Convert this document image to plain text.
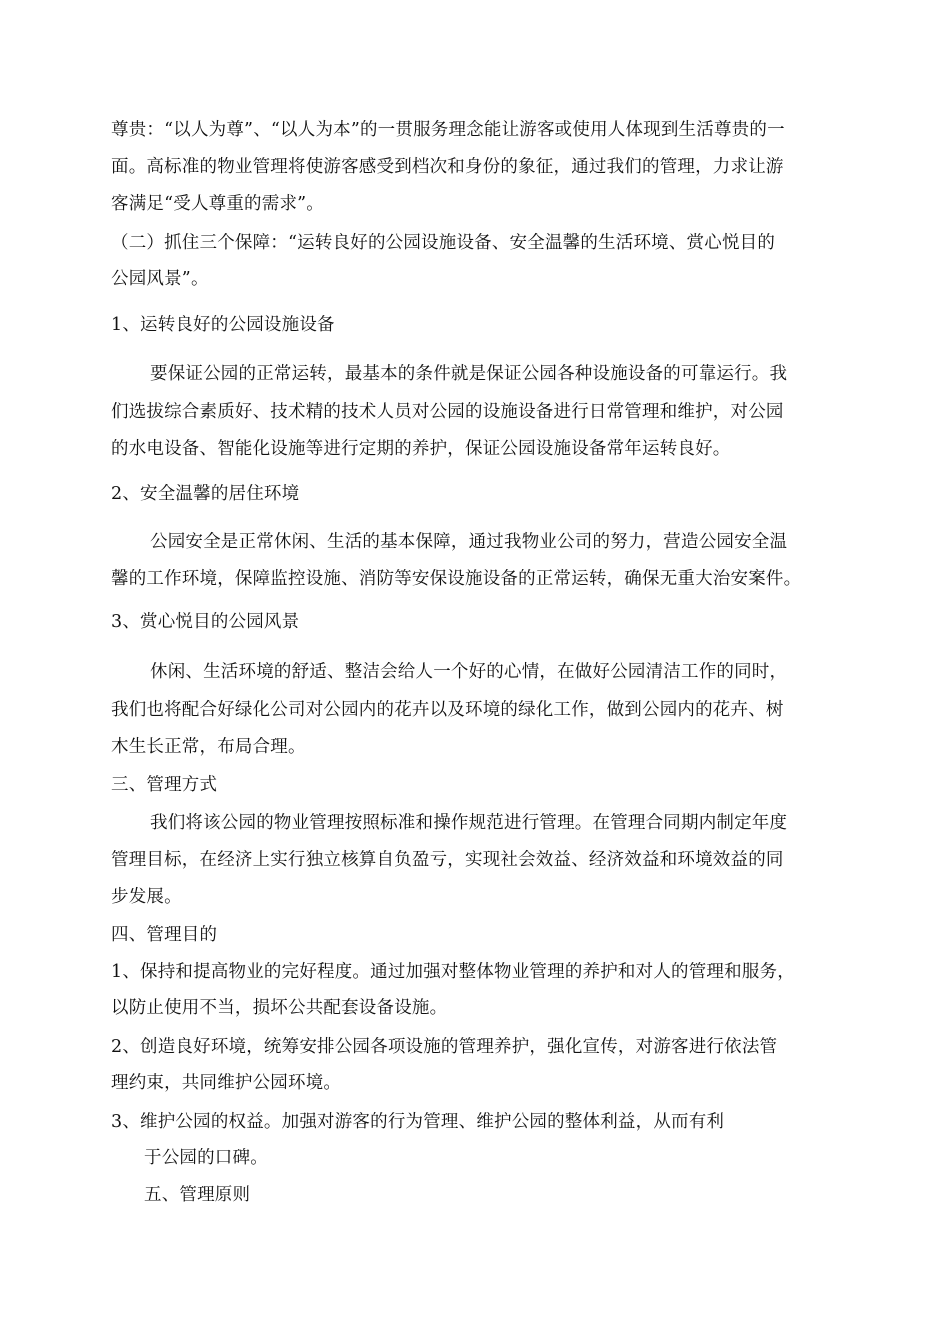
尊贵：“以人为尊”、“以人为本”的一贯服务理念能让游客或使用人体现到生活尊贵的一
面。高标准的物业管理将使游客感受到档次和身份的象征，通过我们的管理，力求让游
客满足“受人尊重的需求”。
（二）抓住三个保障：“运转良好的公园设施设备、安全温馨的生活环境、赏心悦目的
公园风景”。
1、运转良好的公园设施设备
要保证公园的正常运转，最基本的条件就是保证公园各种设施设备的可靠运行。我
们选拔综合素质好、技术精的技术人员对公园的设施设备进行日常管理和维护，对公园
的水电设备、智能化设施等进行定期的养护，保证公园设施设备常年运转良好。
2、安全温馨的居住环境
公园安全是正常休闲、生活的基本保障，通过我物业公司的努力，营造公园安全温
馨的工作环境，保障监控设施、消防等安保设施设备的正常运转，确保无重大治安案件。
3、赏心悦目的公园风景
休闲、生活环境的舒适、整洁会给人一个好的心情，在做好公园清洁工作的同时，
我们也将配合好绿化公司对公园内的花卉以及环境的绿化工作，做到公园内的花卉、树
木生长正常，布局合理。
三、管理方式
我们将该公园的物业管理按照标准和操作规范进行管理。在管理合同期内制定年度
管理目标，在经济上实行独立核算自负盈亏，实现社会效益、经济效益和环境效益的同
步发展。
四、管理目的
1、保持和提高物业的完好程度。通过加强对整体物业管理的养护和对人的管理和服务，
以防止使用不当，损坏公共配套设备设施。
2、创造良好环境，统筹安排公园各项设施的管理养护，强化宣传，对游客进行依法管
理约束，共同维护公园环境。
3、维护公园的权益。加强对游客的行为管理、维护公园的整体利益，从而有利
于公园的口碑。
五、管理原则
